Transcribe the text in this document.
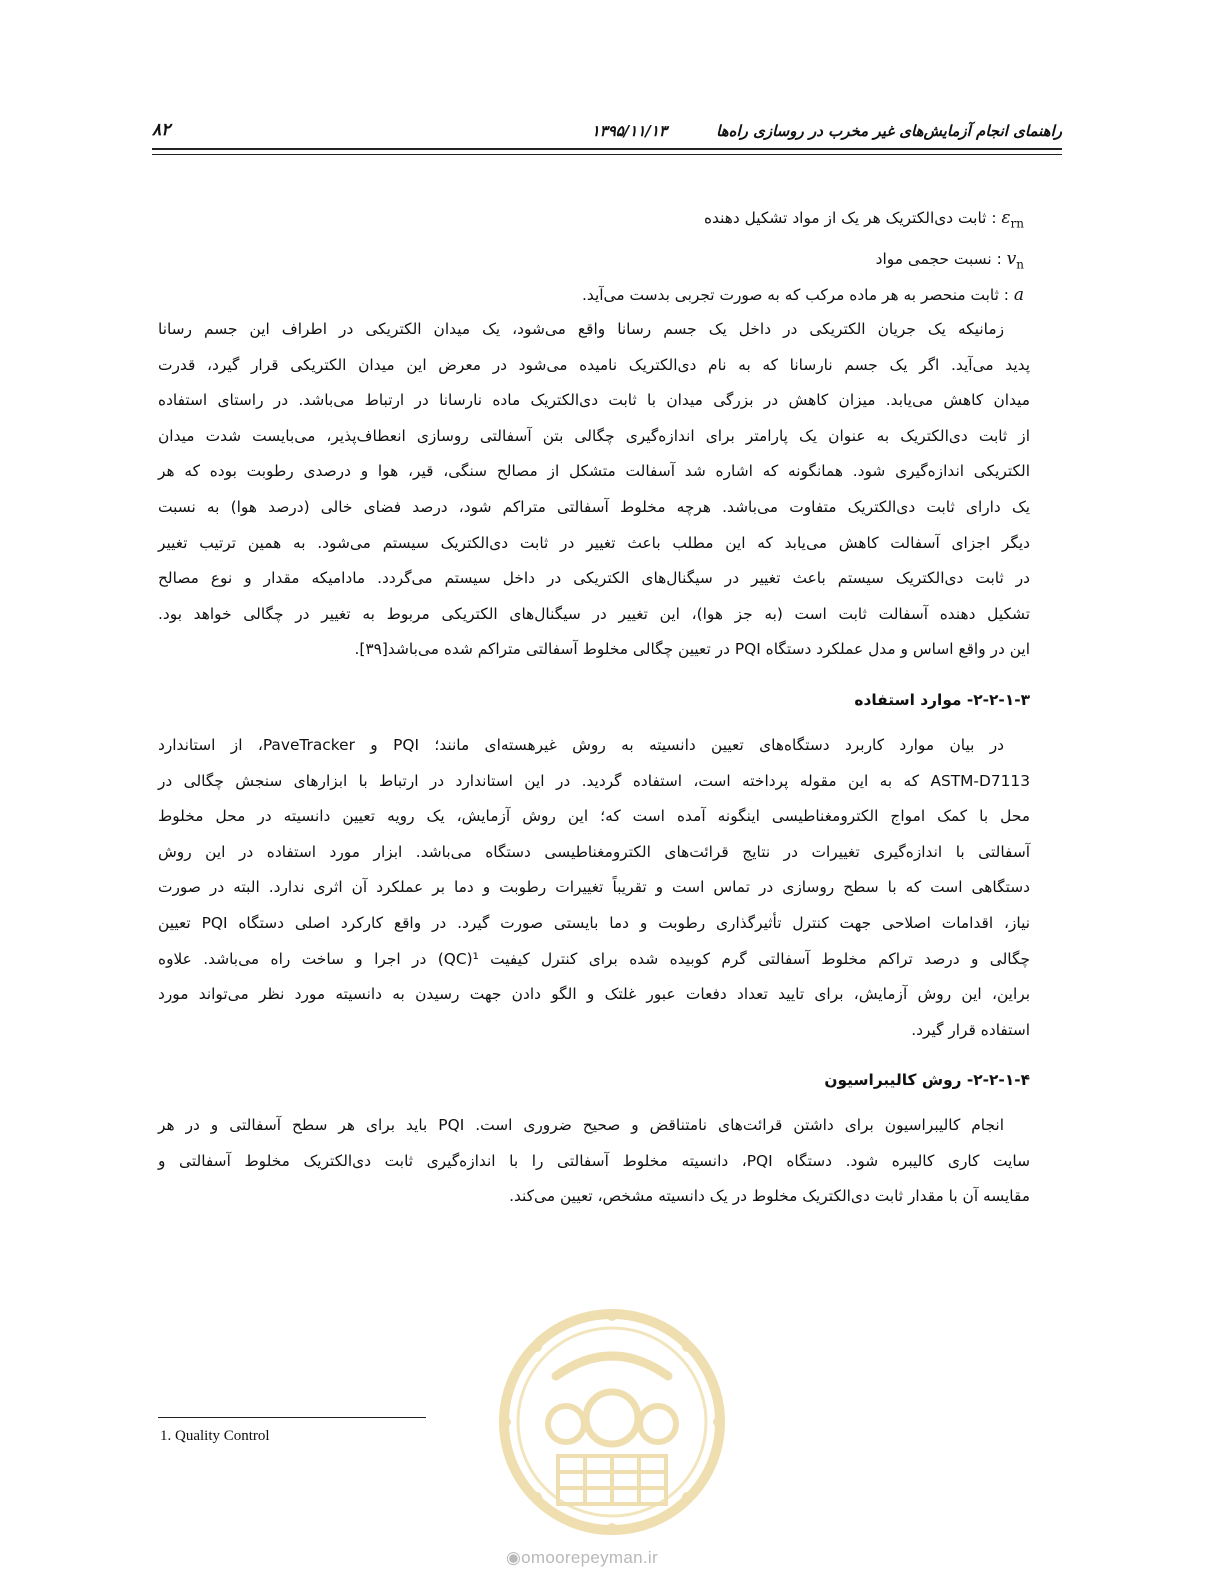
راهنمای انجام آزمایش‌های غیر مخرب در روسازی راه‌ها
۱۳۹۵/۱۱/۱۳
۸۲
$\varepsilon_{rn}$ : ثابت دی‌الکتریک هر یک از مواد تشکیل دهنده
$v_n$ : نسبت حجمی مواد
a : ثابت منحصر به هر ماده مرکب که به صورت تجربی بدست می‌آید.
زمانیکه یک جریان الکتریکی در داخل یک جسم رسانا واقع می‌شود، یک میدان الکتریکی در اطراف این جسم رسانا
پدید می‌آید. اگر یک جسم نارسانا که به نام دی‌الکتریک نامیده می‌شود در معرض این میدان الکتریکی قرار گیرد، قدرت
میدان کاهش می‌یابد. میزان کاهش در بزرگی میدان با ثابت دی‌الکتریک ماده نارسانا در ارتباط می‌باشد. در راستای استفاده
از ثابت دی‌الکتریک به عنوان یک پارامتر برای اندازه‌گیری چگالی بتن آسفالتی روسازی انعطاف‌پذیر، می‌بایست شدت میدان
الکتریکی اندازه‌گیری شود. همانگونه که اشاره شد آسفالت متشکل از مصالح سنگی، قیر، هوا و درصدی رطوبت بوده که هر
یک دارای ثابت دی‌الکتریک متفاوت می‌باشد. هرچه مخلوط آسفالتی متراکم شود، درصد فضای خالی (درصد هوا) به نسبت
دیگر اجزای آسفالت کاهش می‌یابد که این مطلب باعث تغییر در ثابت دی‌الکتریک سیستم می‌شود. به همین ترتیب تغییر
در ثابت دی‌الکتریک سیستم باعث تغییر در سیگنال‌های الکتریکی در داخل سیستم می‌گردد. مادامیکه مقدار و نوع مصالح
تشکیل دهنده آسفالت ثابت است (به جز هوا)، این تغییر در سیگنال‌های الکتریکی مربوط به تغییر در چگالی خواهد بود.
این در واقع اساس و مدل عملکرد دستگاه PQI در تعیین چگالی مخلوط آسفالتی متراکم شده می‌باشد[۳۹].
۲-۲-۱-۳- موارد استفاده
در بیان موارد کاربرد دستگاه‌های تعیین دانسیته به روش غیرهسته‌ای مانند؛ PQI و PaveTracker، از استاندارد
ASTM-D7113 که به این مقوله پرداخته است، استفاده گردید. در این استاندارد در ارتباط با ابزارهای سنجش چگالی در
محل با کمک امواج الکترومغناطیسی اینگونه آمده است که؛ این روش آزمایش، یک رویه تعیین دانسیته در محل مخلوط
آسفالتی با اندازه‌گیری تغییرات در نتایج قرائت‌های الکترومغناطیسی دستگاه می‌باشد. ابزار مورد استفاده در این روش
دستگاهی است که با سطح روسازی در تماس است و تقریباً تغییرات رطوبت و دما بر عملکرد آن اثری ندارد. البته در صورت
نیاز، اقدامات اصلاحی جهت کنترل تأثیرگذاری رطوبت و دما بایستی صورت گیرد. در واقع کارکرد اصلی دستگاه PQI تعیین
چگالی و درصد تراکم مخلوط آسفالتی گرم کوبیده شده برای کنترل کیفیت ¹(QC) در اجرا و ساخت راه می‌باشد. علاوه
براین، این روش آزمایش، برای تایید تعداد دفعات عبور غلتک و الگو دادن جهت رسیدن به دانسیته مورد نظر می‌تواند مورد
استفاده قرار گیرد.
۲-۲-۱-۴- روش کالیبراسیون
انجام کالیبراسیون برای داشتن قرائت‌های نامتناقض و صحیح ضروری است. PQI باید برای هر سطح آسفالتی و در هر
سایت کاری کالیبره شود. دستگاه PQI، دانسیته مخلوط آسفالتی را با اندازه‌گیری ثابت دی‌الکتریک مخلوط آسفالتی و
مقایسه آن با مقدار ثابت دی‌الکتریک مخلوط در یک دانسیته مشخص، تعیین می‌کند.
1. Quality Control
◉omoorepeyman.ir
